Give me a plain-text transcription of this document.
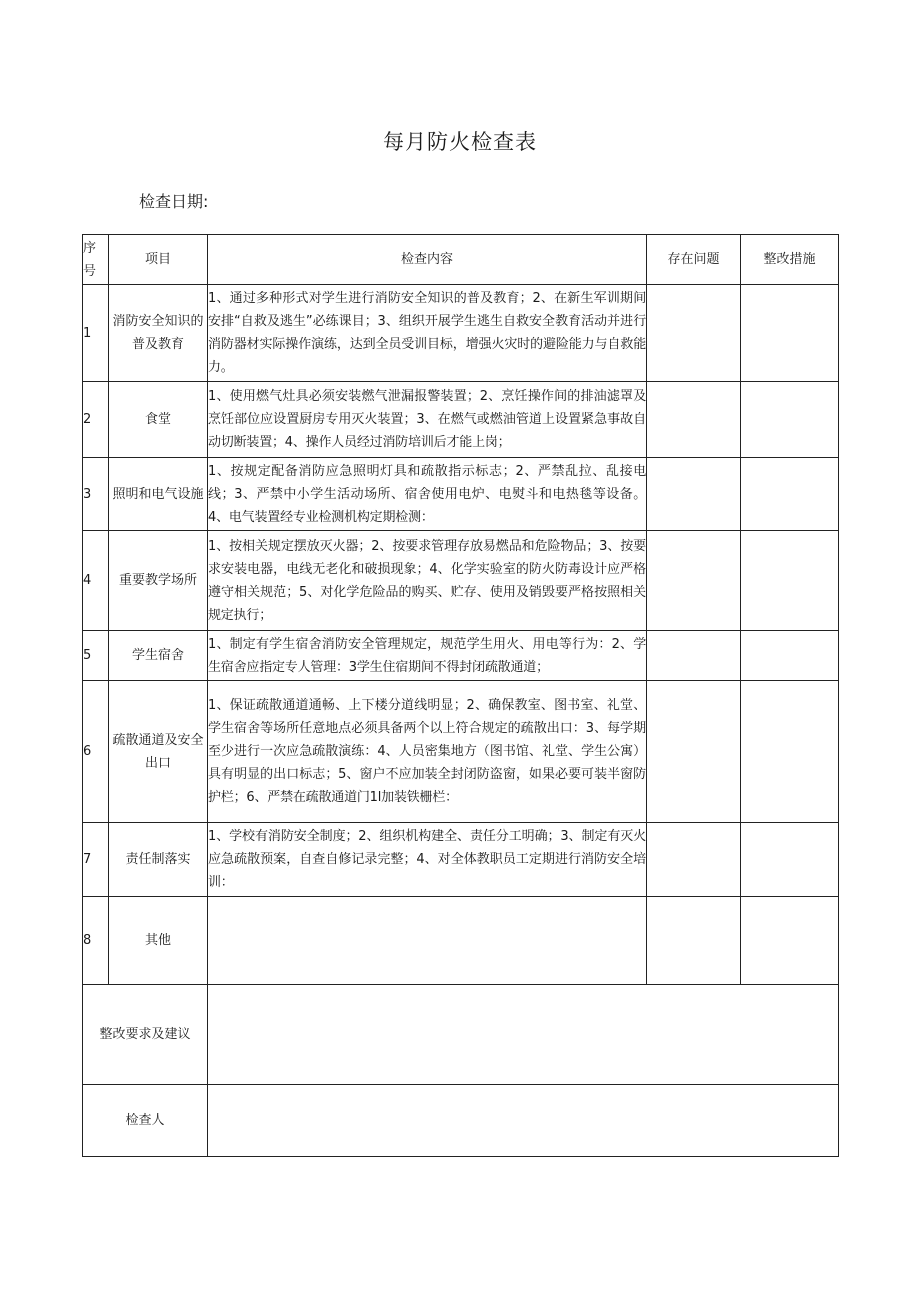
每月防火检查表
检查日期:
序号	项目	检查内容	存在问题	整改措施
1	消防安全知识的普及教育	1、通过多种形式对学生进行消防安全知识的普及教育；2、在新生军训期间安排“自救及逃生”必练课目；3、组织开展学生逃生自救安全教育活动并进行消防器材实际操作演练，达到全员受训目标，增强火灾时的避险能力与自救能力。		
2	食堂	1、使用燃气灶具必须安装燃气泄漏报警装置；2、烹饪操作间的排油滤罩及烹饪部位应设置厨房专用灭火装置；3、在燃气或燃油管道上设置紧急事故自动切断装置；4、操作人员经过消防培训后才能上岗；		
3	照明和电气设施	1、按规定配备消防应急照明灯具和疏散指示标志；2、严禁乱拉、乱接电线；3、严禁中小学生活动场所、宿舍使用电炉、电熨斗和电热毯等设备。4、电气装置经专业检测机构定期检测：		
4	重要教学场所	1、按相关规定摆放灭火器；2、按要求管理存放易燃品和危险物品；3、按要求安装电器，电线无老化和破损现象；4、化学实验室的防火防毒设计应严格遵守相关规范；5、对化学危险品的购买、贮存、使用及销毁要严格按照相关规定执行；		
5	学生宿舍	1、制定有学生宿舍消防安全管理规定，规范学生用火、用电等行为：2、学生宿舍应指定专人管理：3学生住宿期间不得封闭疏散通道；		
6	疏散通道及安全出口	1、保证疏散通道通畅、上下楼分道线明显；2、确保教室、图书室、礼堂、学生宿舍等场所任意地点必须具备两个以上符合规定的疏散出口：3、每学期至少进行一次应急疏散演练：4、人员密集地方（图书馆、礼堂、学生公寓）具有明显的出口标志；5、窗户不应加装全封闭防盗窗，如果必要可装半窗防护栏；6、严禁在疏散通道门1l加装铁栅栏：		
7	责任制落实	1、学校有消防安全制度；2、组织机构建全、责任分工明确；3、制定有灭火应急疏散预案，自查自修记录完整；4、对全体教职员工定期进行消防安全培训：		
8	其他			
整改要求及建议				
检查人				
